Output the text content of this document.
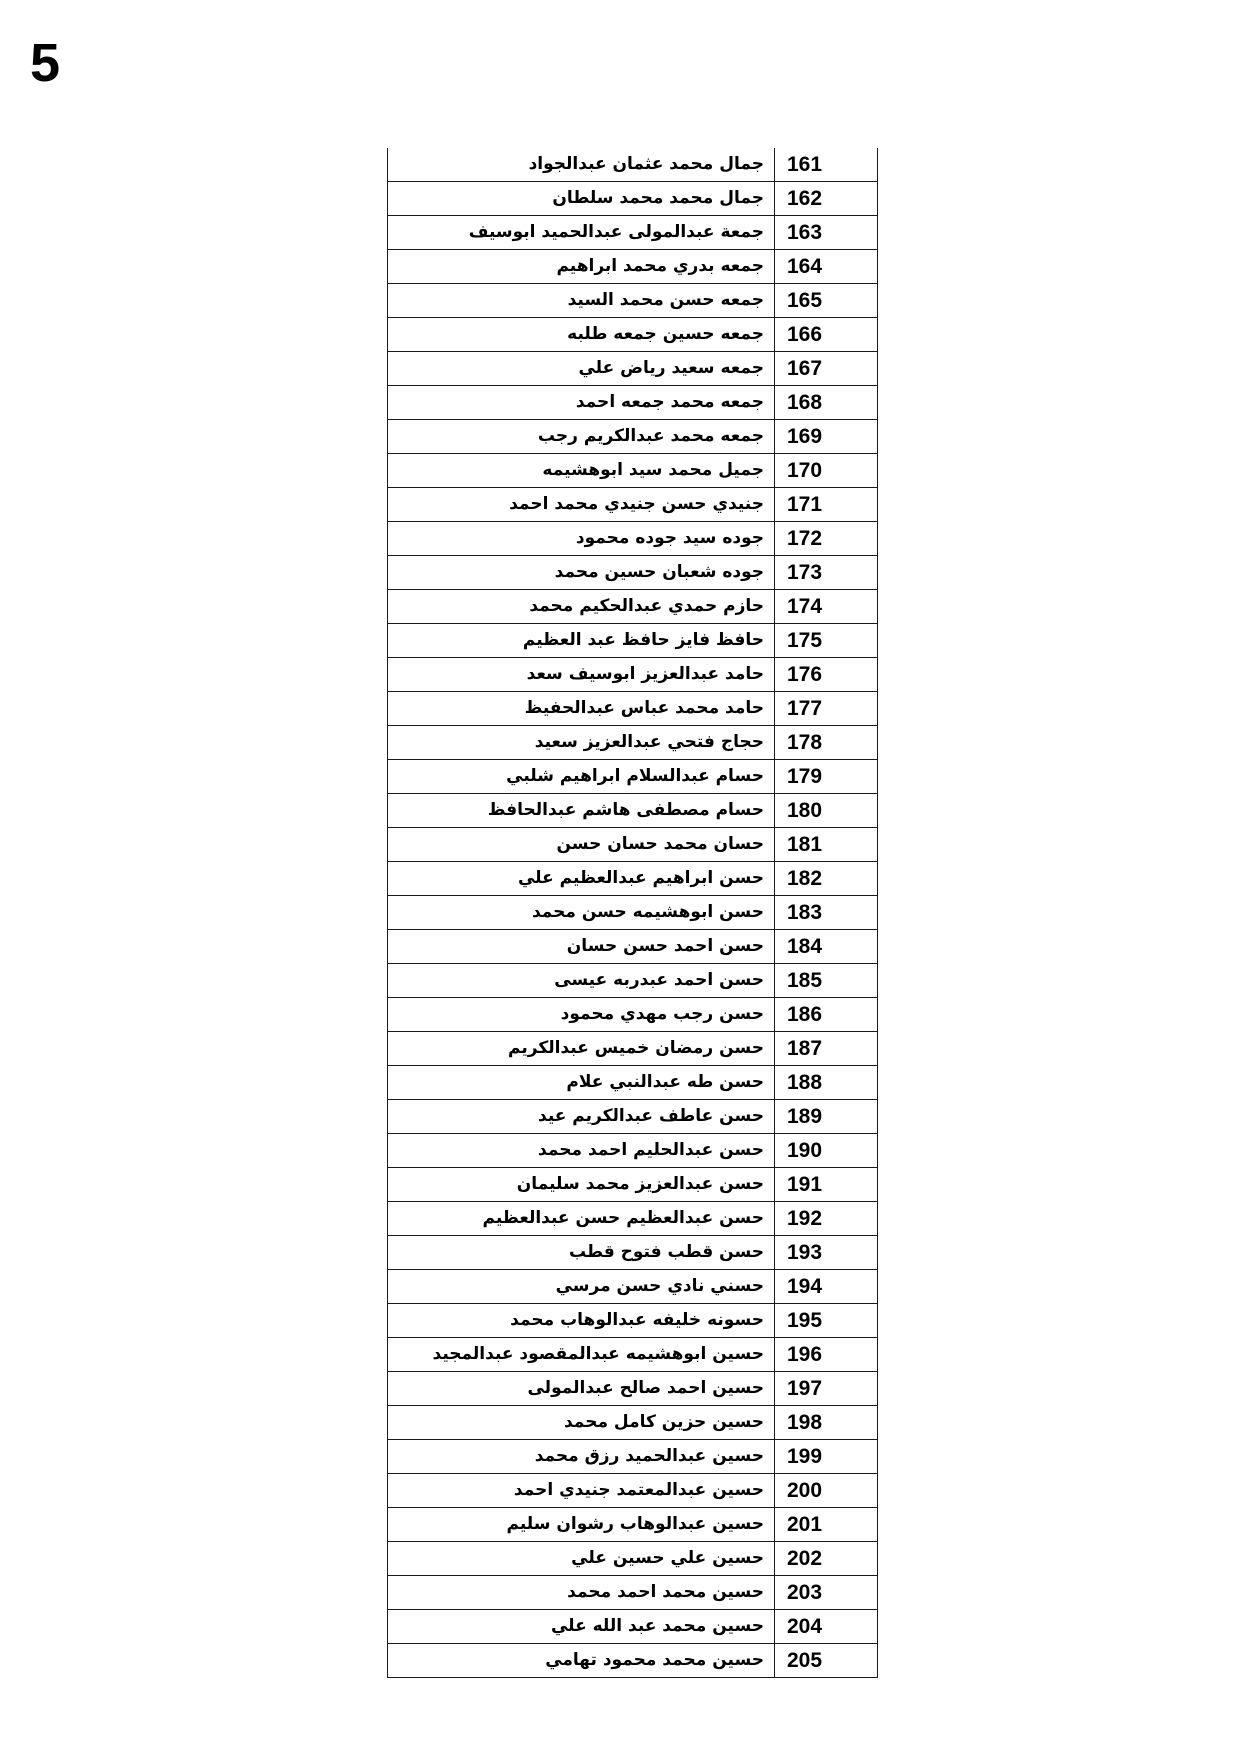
5
جمال محمد عثمان عبدالجواد	161
جمال محمد محمد سلطان	162
جمعة عبدالمولى عبدالحميد ابوسيف	163
جمعه بدري محمد ابراهيم	164
جمعه حسن محمد السيد	165
جمعه حسين جمعه طلبه	166
جمعه سعيد رياض علي	167
جمعه محمد جمعه احمد	168
جمعه محمد عبدالكريم رجب	169
جميل محمد سيد ابوهشيمه	170
جنيدي حسن جنيدي محمد احمد	171
جوده سيد جوده محمود	172
جوده شعبان حسين محمد	173
حازم حمدي عبدالحكيم محمد	174
حافظ فايز حافظ عبد العظيم	175
حامد عبدالعزيز ابوسيف سعد	176
حامد محمد عباس عبدالحفيظ	177
حجاج فتحي عبدالعزيز سعيد	178
حسام عبدالسلام ابراهيم شلبي	179
حسام مصطفى هاشم عبدالحافظ	180
حسان محمد حسان حسن	181
حسن ابراهيم عبدالعظيم علي	182
حسن ابوهشيمه حسن محمد	183
حسن احمد حسن حسان	184
حسن احمد عبدربه عيسى	185
حسن رجب مهدي محمود	186
حسن رمضان خميس عبدالكريم	187
حسن طه عبدالنبي علام	188
حسن عاطف عبدالكريم عيد	189
حسن عبدالحليم احمد محمد	190
حسن عبدالعزيز محمد سليمان	191
حسن عبدالعظيم حسن عبدالعظيم	192
حسن قطب فتوح قطب	193
حسني نادي حسن مرسي	194
حسونه خليفه عبدالوهاب محمد	195
حسين ابوهشيمه عبدالمقصود عبدالمجيد	196
حسين احمد صالح عبدالمولى	197
حسين حزين كامل محمد	198
حسين عبدالحميد رزق محمد	199
حسين عبدالمعتمد جنيدي احمد	200
حسين عبدالوهاب رشوان سليم	201
حسين علي حسين علي	202
حسين محمد احمد محمد	203
حسين محمد عبد الله علي	204
حسين محمد محمود تهامي	205
